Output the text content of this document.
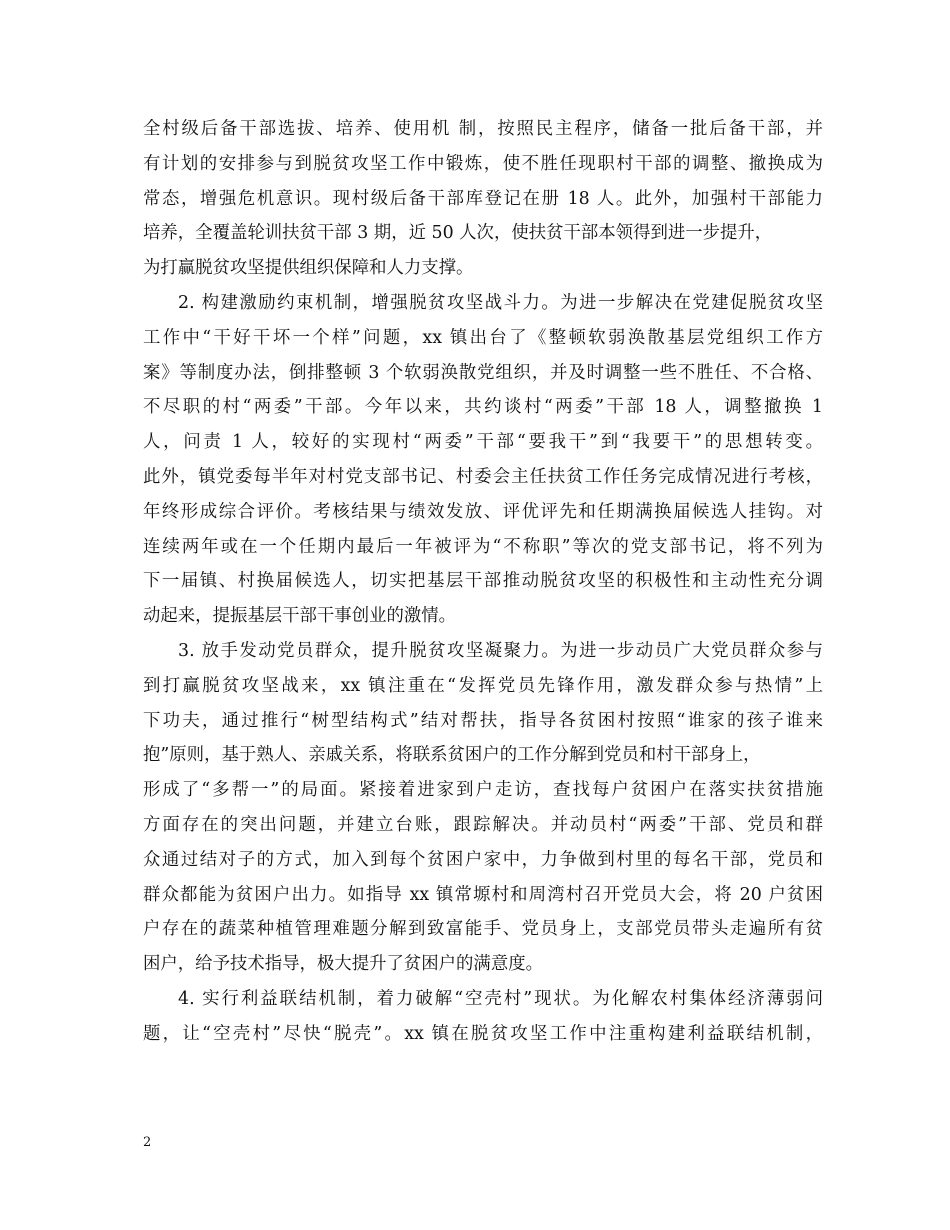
全村级后备干部选拔、培养、使用机 制，按照民主程序，储备一批后备干部，并
有计划的安排参与到脱贫攻坚工作中锻炼，使不胜任现职村干部的调整、撤换成为
常态，增强危机意识。现村级后备干部库登记在册 18 人。此外，加强村干部能力
培养，全覆盖轮训扶贫干部 3 期，近 50 人次，使扶贫干部本领得到进一步提升，
为打赢脱贫攻坚提供组织保障和人力支撑。
2. 构建激励约束机制，增强脱贫攻坚战斗力。为进一步解决在党建促脱贫攻坚
工作中“干好干坏一个样”问题，xx 镇出台了《整顿软弱涣散基层党组织工作方
案》等制度办法，倒排整顿 3 个软弱涣散党组织，并及时调整一些不胜任、不合格、
不尽职的村“两委”干部。今年以来，共约谈村“两委”干部 18 人，调整撤换 1
人，问责 1 人，较好的实现村“两委”干部“要我干”到“我要干”的思想转变。
此外，镇党委每半年对村党支部书记、村委会主任扶贫工作任务完成情况进行考核，
年终形成综合评价。考核结果与绩效发放、评优评先和任期满换届候选人挂钩。对
连续两年或在一个任期内最后一年被评为“不称职”等次的党支部书记，将不列为
下一届镇、村换届候选人，切实把基层干部推动脱贫攻坚的积极性和主动性充分调
动起来，提振基层干部干事创业的激情。
3. 放手发动党员群众，提升脱贫攻坚凝聚力。为进一步动员广大党员群众参与
到打赢脱贫攻坚战来，xx 镇注重在“发挥党员先锋作用，激发群众参与热情”上
下功夫，通过推行“树型结构式”结对帮扶，指导各贫困村按照“谁家的孩子谁来
抱”原则，基于熟人、亲戚关系，将联系贫困户的工作分解到党员和村干部身上，
形成了“多帮一”的局面。紧接着进家到户走访，查找每户贫困户在落实扶贫措施
方面存在的突出问题，并建立台账，跟踪解决。并动员村“两委”干部、党员和群
众通过结对子的方式，加入到每个贫困户家中，力争做到村里的每名干部，党员和
群众都能为贫困户出力。如指导 xx 镇常塬村和周湾村召开党员大会，将 20 户贫困
户存在的蔬菜种植管理难题分解到致富能手、党员身上，支部党员带头走遍所有贫
困户，给予技术指导，极大提升了贫困户的满意度。
4. 实行利益联结机制，着力破解“空壳村”现状。为化解农村集体经济薄弱问
题，让“空壳村”尽快“脱壳”。xx 镇在脱贫攻坚工作中注重构建利益联结机制，
2
